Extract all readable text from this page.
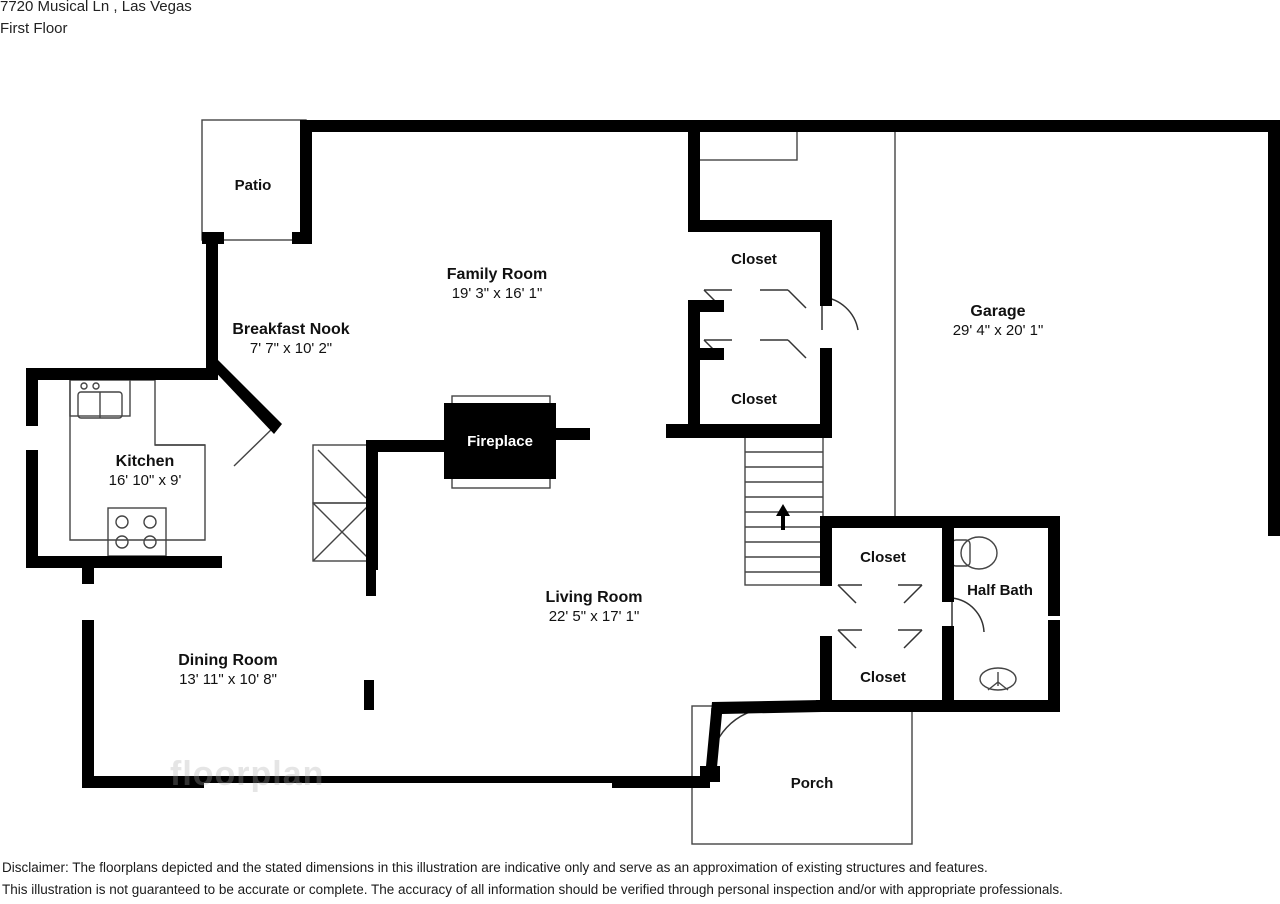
7720 Musical Ln , Las Vegas
First Floor
Patio
Family Room
19' 3" x 16' 1"
Breakfast Nook
7' 7" x 10' 2"
Kitchen
16' 10" x 9'
Dining Room
13' 11" x 10' 8"
Living Room
22' 5" x 17' 1"
Closet
Closet
Closet
Closet
Garage
29' 4" x 20' 1"
Half Bath
Porch
Fireplace
floorplan
Disclaimer: The floorplans depicted and the stated dimensions in this illustration are indicative only and serve as an approximation of existing structures and features.
This illustration is not guaranteed to be accurate or complete. The accuracy of all information should be verified through personal inspection and/or with appropriate professionals.
